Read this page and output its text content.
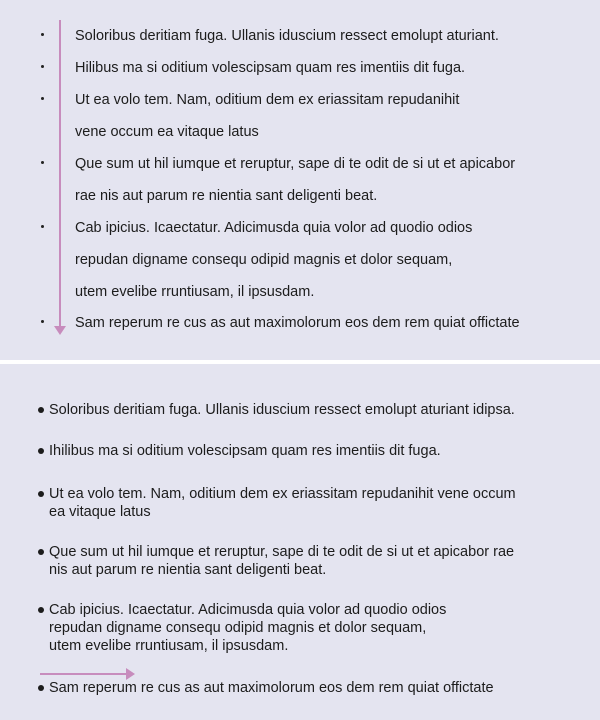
Soloribus deritiam fuga. Ullanis iduscium ressect emolupt aturiant.
Hilibus ma si oditium volescipsam quam res imentiis dit fuga.
Ut ea volo tem. Nam, oditium dem ex eriassitam repudanihit
vene occum ea vitaque latus
Que sum ut hil iumque et reruptur, sape di te odit de si ut et apicabor
rae nis aut parum re nientia sant deligenti beat.
Cab ipicius. Icaectatur. Adicimusda quia volor ad quodio odios
repudan digname consequ odipid magnis et dolor sequam,
utem evelibe rruntiusam, il ipsusdam.
Sam reperum re cus as aut maximolorum eos dem rem quiat offictate
Soloribus deritiam fuga. Ullanis iduscium ressect emolupt aturiant idipsa.
Ihilibus ma si oditium volescipsam quam res imentiis dit fuga.
Ut ea volo tem. Nam, oditium dem ex eriassitam repudanihit vene occum
ea vitaque latus
Que sum ut hil iumque et reruptur, sape di te odit de si ut et apicabor rae
nis aut parum re nientia sant deligenti beat.
Cab ipicius. Icaectatur. Adicimusda quia volor ad quodio odios
repudan digname consequ odipid magnis et dolor sequam,
utem evelibe rruntiusam, il ipsusdam.
Sam reperum re cus as aut maximolorum eos dem rem quiat offictate
